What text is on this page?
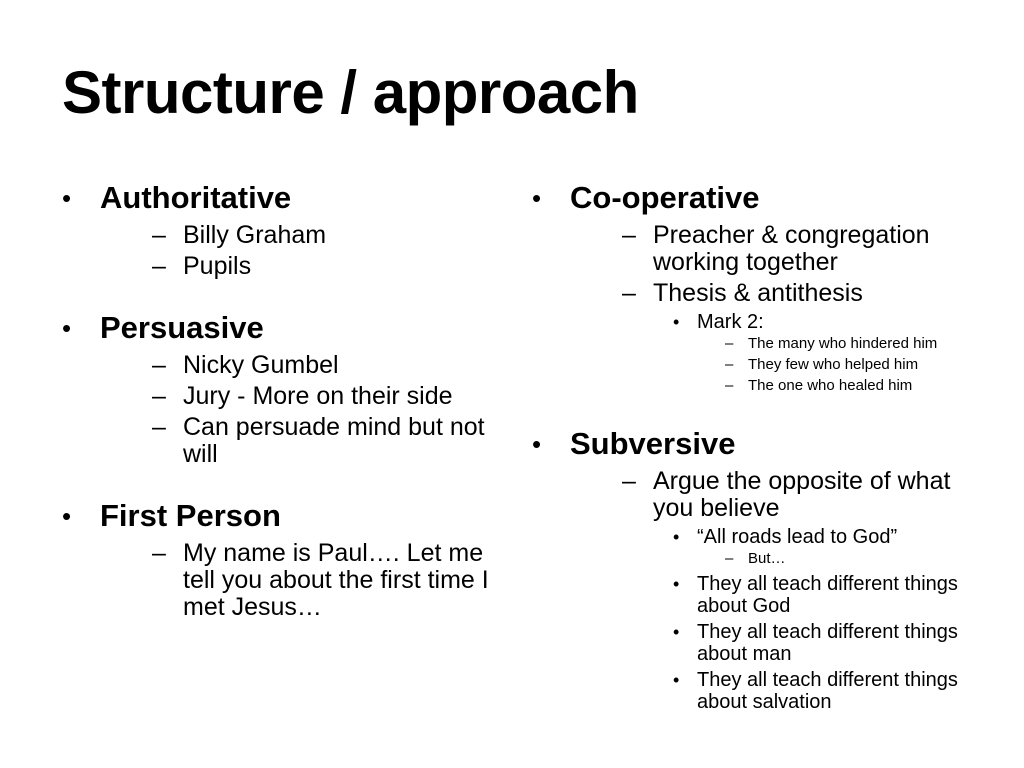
Structure / approach
• Authoritative
– Billy Graham
– Pupils
• Persuasive
– Nicky Gumbel
– Jury - More on their side
– Can persuade mind but not will
• First Person
– My name is Paul…. Let me tell you about the first time I met Jesus…
• Co-operative
– Preacher & congregation working together
– Thesis & antithesis
• Mark 2:
– The many who hindered him
– They few who helped him
– The one who healed him
• Subversive
– Argue the opposite of what you believe
• “All roads lead to God”
– But…
• They all teach different things about God
• They all teach different things about man
• They all teach different things about salvation
